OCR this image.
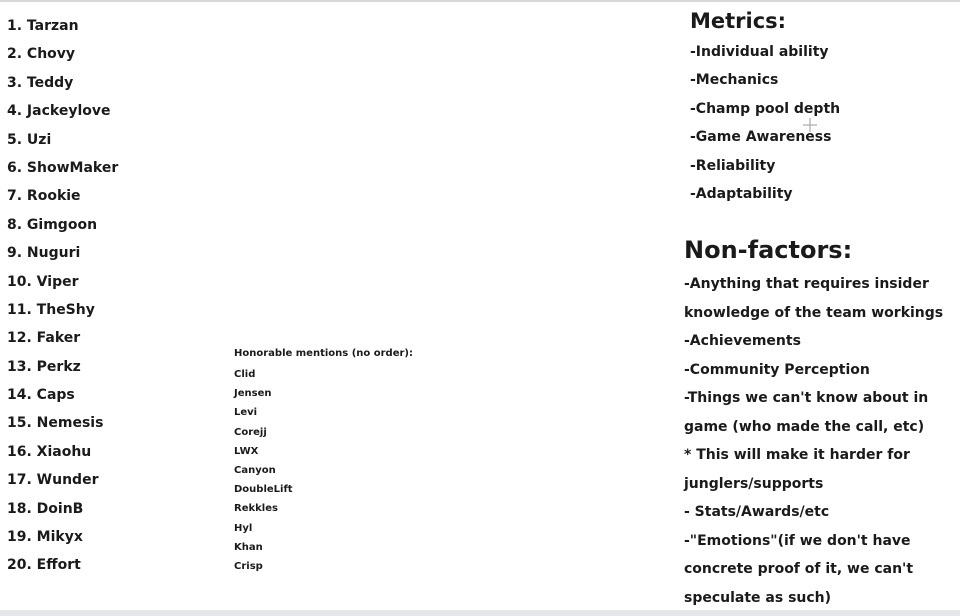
1. Tarzan
2. Chovy
3. Teddy
4. Jackeylove
5. Uzi
6. ShowMaker
7. Rookie
8. Gimgoon
9. Nuguri
10. Viper
11. TheShy
12. Faker
13. Perkz
14. Caps
15. Nemesis
16. Xiaohu
17. Wunder
18. DoinB
19. Mikyx
20. Effort
Honorable mentions (no order):
Clid
Jensen
Levi
Corejj
LWX
Canyon
DoubleLift
Rekkles
Hyl
Khan
Crisp
Metrics:
-Individual ability
-Mechanics
-Champ pool depth
-Game Awareness
-Reliability
-Adaptability
Non-factors:
-Anything that requires insider
knowledge of the team workings
-Achievements
-Community Perception
-Things we can't know about in
game (who made the call, etc)
* This will make it harder for
junglers/supports
- Stats/Awards/etc
-"Emotions"(if we don't have
concrete proof of it, we can't
speculate as such)
